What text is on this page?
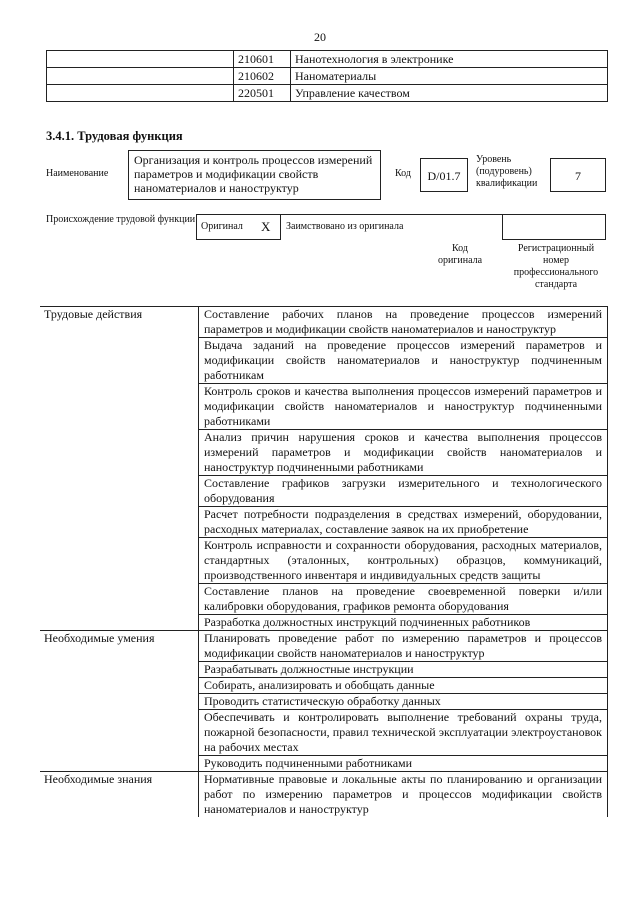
20
	210601	Нанотехнология в электронике
	210602	Наноматериалы
	220501	Управление качеством
3.4.1. Трудовая функция
Наименование
Организация и контроль процессов измерений параметров и модификации свойств наноматериалов и наноструктур
Код	D/01.7
Уровень (подуровень) квалификации
7
Происхождение трудовой функции
Оригинал X Заимствовано из оригинала
Код оригинала
Регистрационный номер профессионального стандарта
Трудовые действия	Составление рабочих планов на проведение процессов измерений параметров и модификации свойств наноматериалов и наноструктур
	Выдача заданий на проведение процессов измерений параметров и модификации свойств наноматериалов и наноструктур подчиненным работникам
	Контроль сроков и качества выполнения процессов измерений параметров и модификации свойств наноматериалов и наноструктур подчиненными работниками
	Анализ причин нарушения сроков и качества выполнения процессов измерений параметров и модификации свойств наноматериалов и наноструктур подчиненными работниками
	Составление графиков загрузки измерительного и технологического оборудования
	Расчет потребности подразделения в средствах измерений, оборудовании, расходных материалах, составление заявок на их приобретение
	Контроль исправности и сохранности оборудования, расходных материалов, стандартных (эталонных, контрольных) образцов, коммуникаций, производственного инвентаря и индивидуальных средств защиты
	Составление планов на проведение своевременной поверки и/или калибровки оборудования, графиков ремонта оборудования
	Разработка должностных инструкций подчиненных работников
Необходимые умения	Планировать проведение работ по измерению параметров и процессов модификации свойств наноматериалов и наноструктур
	Разрабатывать должностные инструкции
	Собирать, анализировать и обобщать данные
	Проводить статистическую обработку данных
	Обеспечивать и контролировать выполнение требований охраны труда, пожарной безопасности, правил технической эксплуатации электроустановок на рабочих местах
	Руководить подчиненными работниками
Необходимые знания	Нормативные правовые и локальные акты по планированию и организации работ по измерению параметров и процессов модификации свойств наноматериалов и наноструктур
